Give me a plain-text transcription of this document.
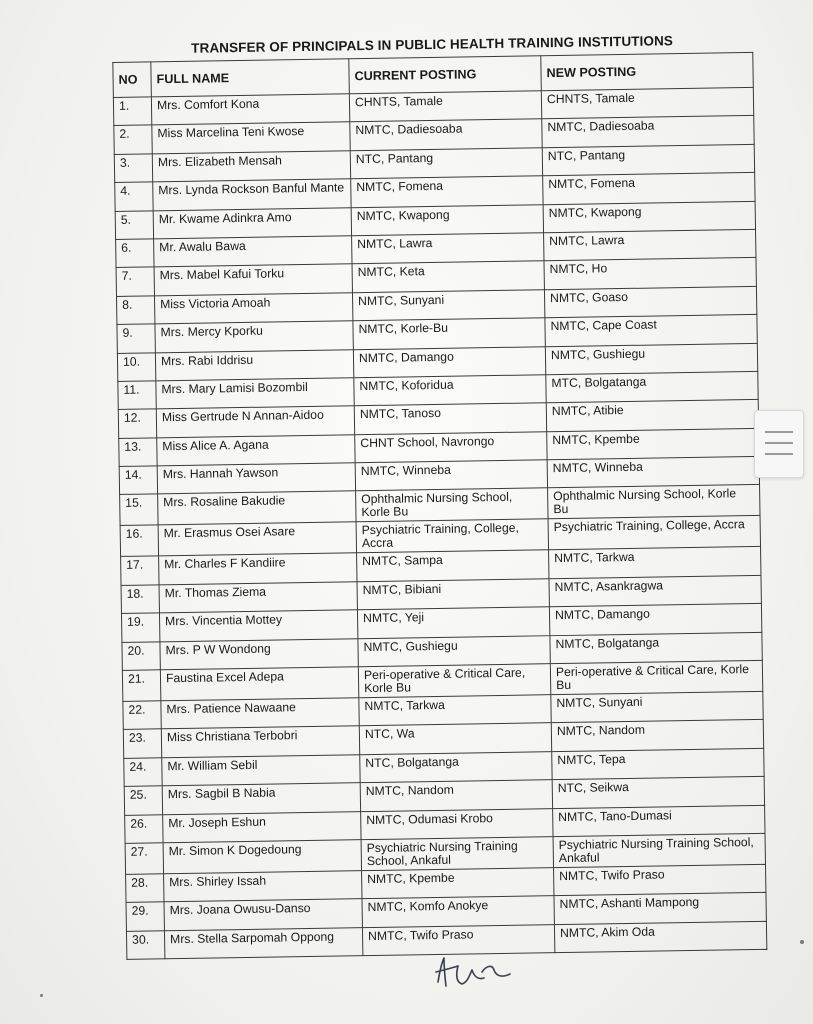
TRANSFER OF PRINCIPALS IN PUBLIC HEALTH TRAINING INSTITUTIONS
NO	FULL NAME	CURRENT POSTING	NEW POSTING
1.	Mrs. Comfort Kona	CHNTS, Tamale	CHNTS, Tamale
2.	Miss Marcelina Teni Kwose	NMTC, Dadiesoaba	NMTC, Dadiesoaba
3.	Mrs. Elizabeth Mensah	NTC, Pantang	NTC, Pantang
4.	Mrs. Lynda Rockson Banful Mante	NMTC, Fomena	NMTC, Fomena
5.	Mr. Kwame Adinkra Amo	NMTC, Kwapong	NMTC, Kwapong
6.	Mr. Awalu Bawa	NMTC, Lawra	NMTC, Lawra
7.	Mrs. Mabel Kafui Torku	NMTC, Keta	NMTC, Ho
8.	Miss Victoria Amoah	NMTC, Sunyani	NMTC, Goaso
9.	Mrs. Mercy Kporku	NMTC, Korle-Bu	NMTC, Cape Coast
10.	Mrs. Rabi Iddrisu	NMTC, Damango	NMTC, Gushiegu
11.	Mrs. Mary Lamisi Bozombil	NMTC, Koforidua	MTC, Bolgatanga
12.	Miss Gertrude N Annan-Aidoo	NMTC, Tanoso	NMTC, Atibie
13.	Miss Alice A. Agana	CHNT School, Navrongo	NMTC, Kpembe
14.	Mrs. Hannah Yawson	NMTC, Winneba	NMTC, Winneba
15.	Mrs. Rosaline Bakudie	Ophthalmic Nursing School, Korle Bu	Ophthalmic Nursing School, Korle Bu
16.	Mr. Erasmus Osei Asare	Psychiatric Training, College, Accra	Psychiatric Training, College, Accra
17.	Mr. Charles F Kandiire	NMTC, Sampa	NMTC, Tarkwa
18.	Mr. Thomas Ziema	NMTC, Bibiani	NMTC, Asankragwa
19.	Mrs. Vincentia Mottey	NMTC, Yeji	NMTC, Damango
20.	Mrs. P W Wondong	NMTC, Gushiegu	NMTC, Bolgatanga
21.	Faustina Excel Adepa	Peri-operative & Critical Care, Korle Bu	Peri-operative & Critical Care, Korle Bu
22.	Mrs. Patience Nawaane	NMTC, Tarkwa	NMTC, Sunyani
23.	Miss Christiana Terbobri	NTC, Wa	NMTC, Nandom
24.	Mr. William Sebil	NTC, Bolgatanga	NMTC, Tepa
25.	Mrs. Sagbil B Nabia	NMTC, Nandom	NTC, Seikwa
26.	Mr. Joseph Eshun	NMTC, Odumasi Krobo	NMTC, Tano-Dumasi
27.	Mr. Simon K Dogedoung	Psychiatric Nursing Training School, Ankaful	Psychiatric Nursing Training School, Ankaful
28.	Mrs. Shirley Issah	NMTC, Kpembe	NMTC, Twifo Praso
29.	Mrs. Joana Owusu-Danso	NMTC, Komfo Anokye	NMTC, Ashanti Mampong
30.	Mrs. Stella Sarpomah Oppong	NMTC, Twifo Praso	NMTC, Akim Oda
